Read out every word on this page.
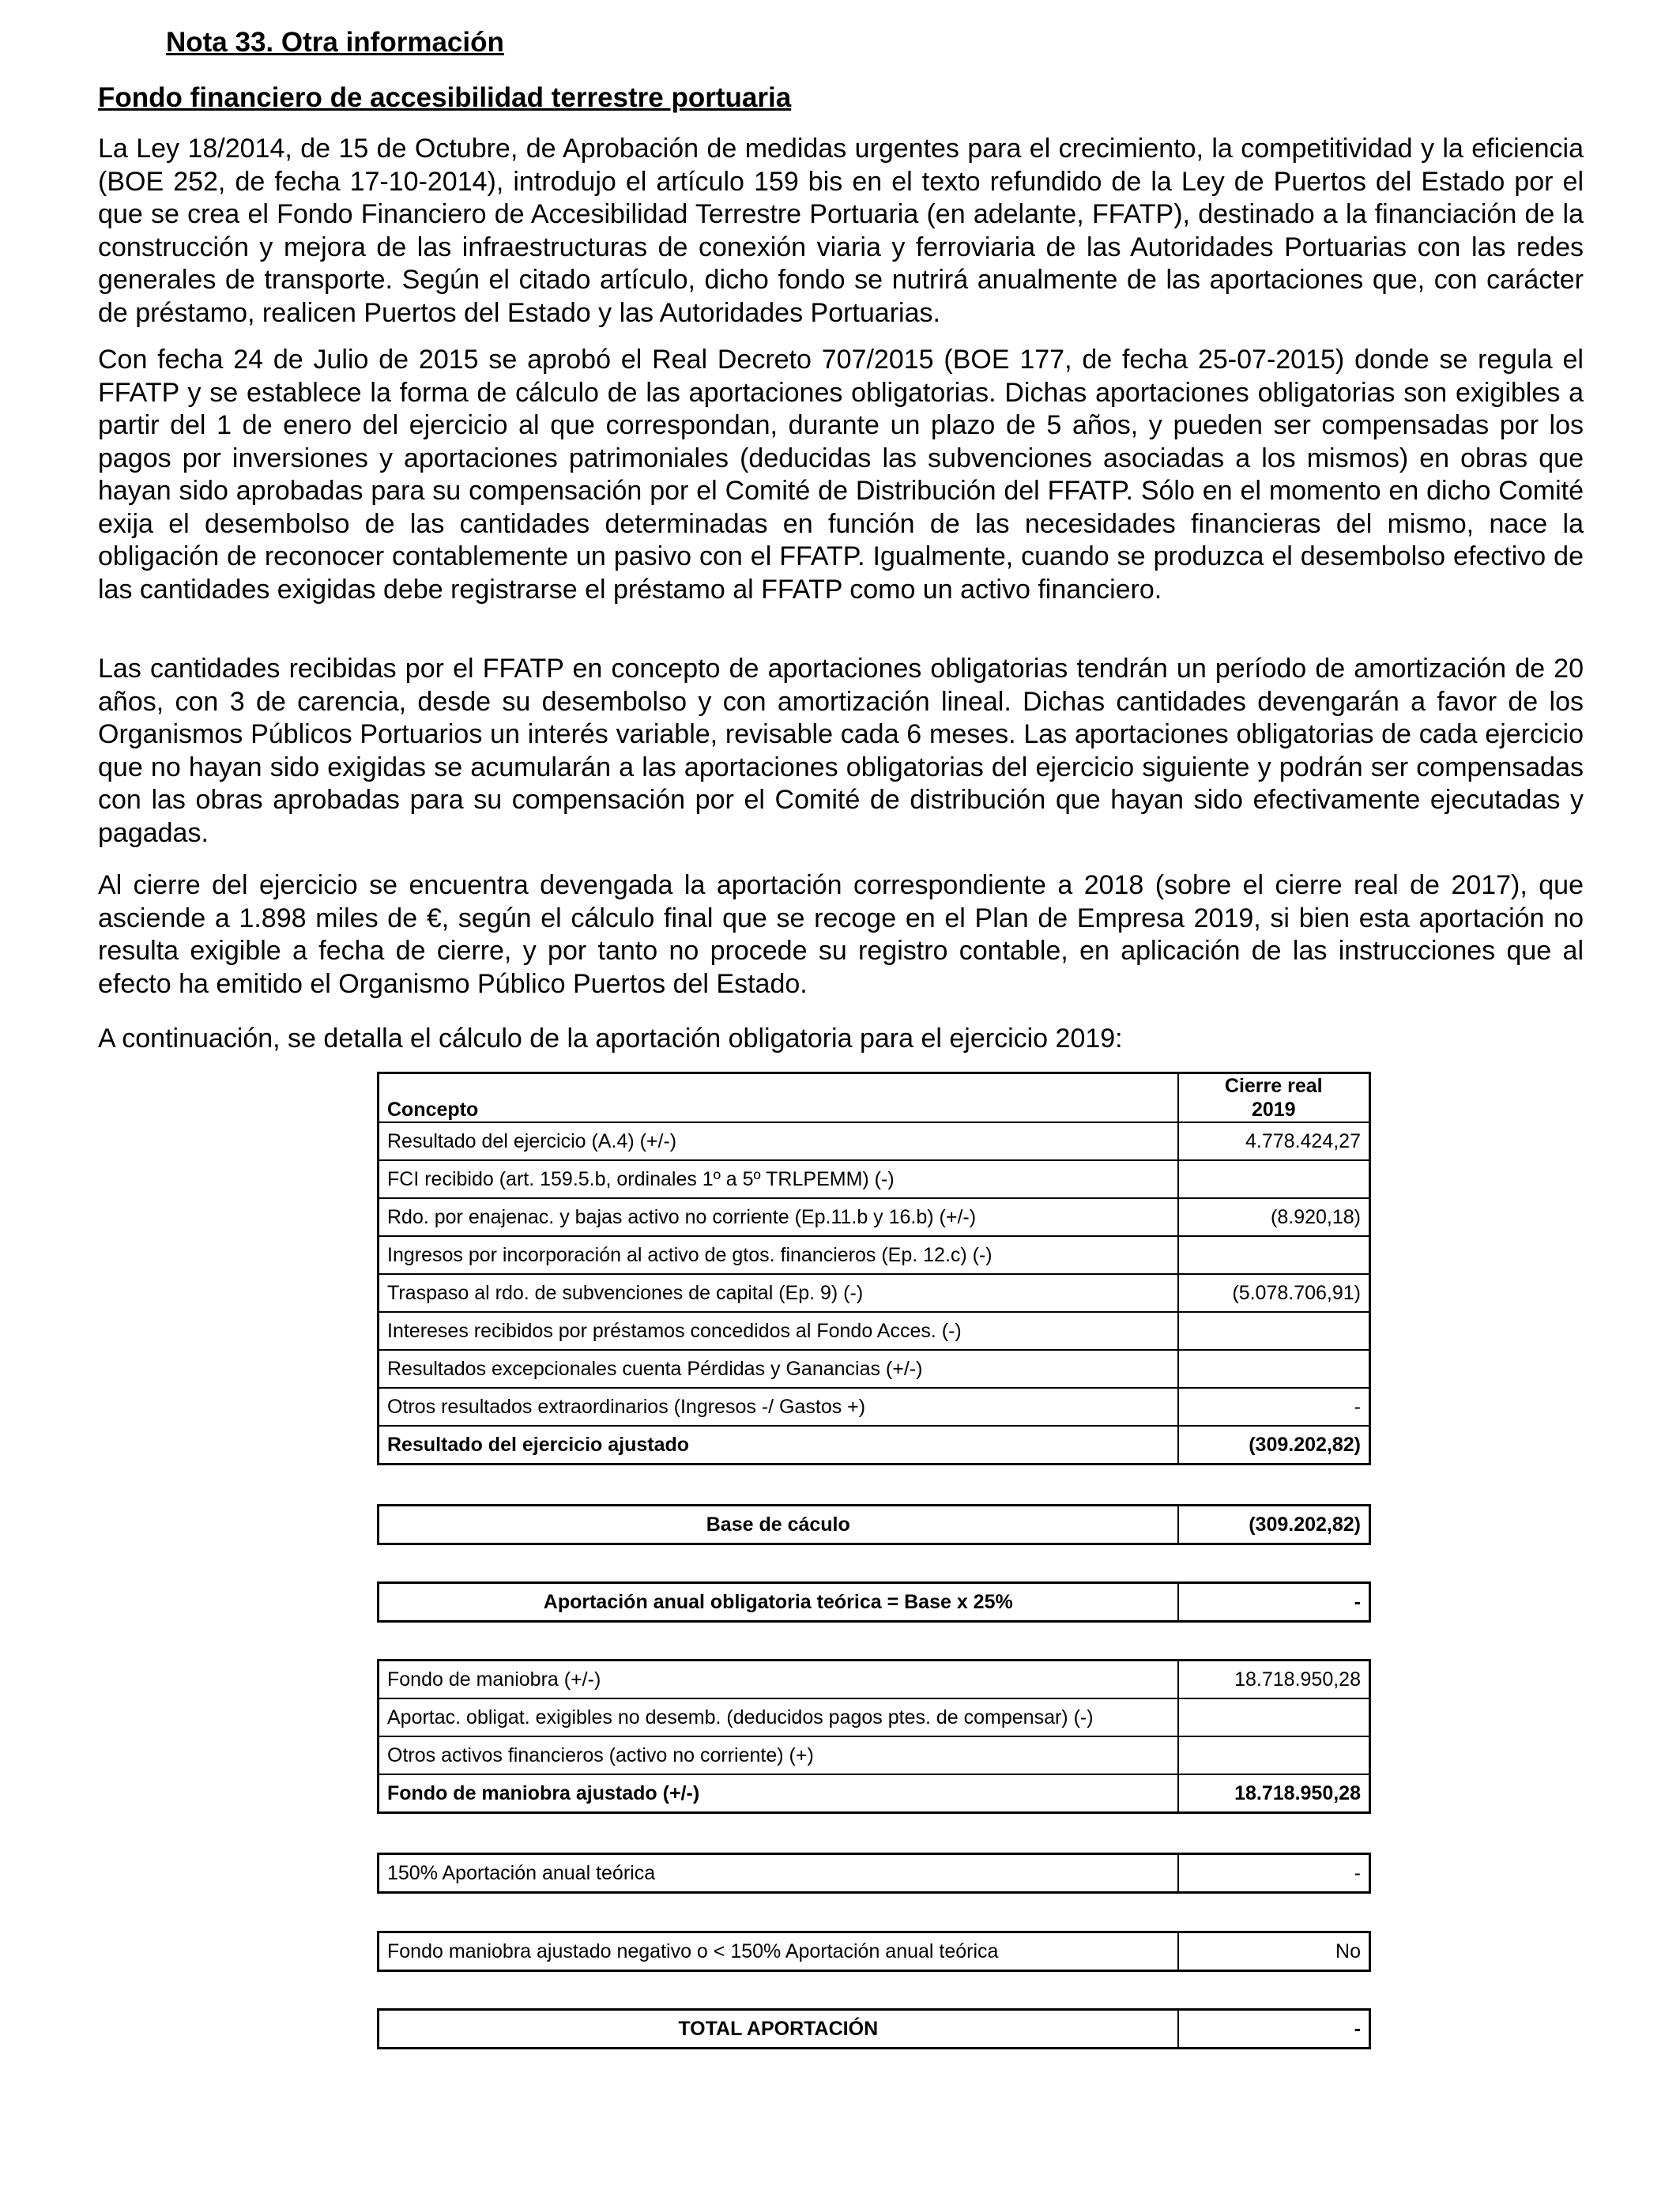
Nota 33. Otra información
Fondo financiero de accesibilidad terrestre portuaria

La Ley 18/2014, de 15 de Octubre, de Aprobación de medidas urgentes para el crecimiento, la competitividad y la eficiencia (BOE 252, de fecha 17-10-2014), introdujo el artículo 159 bis en el texto refundido de la Ley de Puertos del Estado por el que se crea el Fondo Financiero de Accesibilidad Terrestre Portuaria (en adelante, FFATP), destinado a la financiación de la construcción y mejora de las infraestructuras de conexión viaria y ferroviaria de las Autoridades Portuarias con las redes generales de transporte. Según el citado artículo, dicho fondo se nutrirá anualmente de las aportaciones que, con carácter de préstamo, realicen Puertos del Estado y las Autoridades Portuarias.

Con fecha 24 de Julio de 2015 se aprobó el Real Decreto 707/2015 (BOE 177, de fecha 25-07-2015) donde se regula el FFATP y se establece la forma de cálculo de las aportaciones obligatorias. Dichas aportaciones obligatorias son exigibles a partir del 1 de enero del ejercicio al que correspondan, durante un plazo de 5 años, y pueden ser compensadas por los pagos por inversiones y aportaciones patrimoniales (deducidas las subvenciones asociadas a los mismos) en obras que hayan sido aprobadas para su compensación por el Comité de Distribución del FFATP. Sólo en el momento en dicho Comité exija el desembolso de las cantidades determinadas en función de las necesidades financieras del mismo, nace la obligación de reconocer contablemente un pasivo con el FFATP. Igualmente, cuando se produzca el desembolso efectivo de las cantidades exigidas debe registrarse el préstamo al FFATP como un activo financiero.

Las cantidades recibidas por el FFATP en concepto de aportaciones obligatorias tendrán un período de amortización de 20 años, con 3 de carencia, desde su desembolso y con amortización lineal. Dichas cantidades devengarán a favor de los Organismos Públicos Portuarios un interés variable, revisable cada 6 meses. Las aportaciones obligatorias de cada ejercicio que no hayan sido exigidas se acumularán a las aportaciones obligatorias del ejercicio siguiente y podrán ser compensadas con las obras aprobadas para su compensación por el Comité de distribución que hayan sido efectivamente ejecutadas y pagadas.

Al cierre del ejercicio se encuentra devengada la aportación correspondiente a 2018 (sobre el cierre real de 2017), que asciende a 1.898 miles de €, según el cálculo final que se recoge en el Plan de Empresa 2019, si bien esta aportación no resulta exigible a fecha de cierre, y por tanto no procede su registro contable, en aplicación de las instrucciones que al efecto ha emitido el Organismo Público Puertos del Estado.

A continuación, se detalla el cálculo de la aportación obligatoria para el ejercicio 2019:

Concepto	Cierre real
2019
Resultado del ejercicio (A.4) (+/-)	4.778.424,27
FCI recibido (art. 159.5.b, ordinales 1º a 5º TRLPEMM) (-)	
Rdo. por enajenac. y bajas activo no corriente (Ep.11.b y 16.b) (+/-)	(8.920,18)
Ingresos por incorporación al activo de gtos. financieros (Ep. 12.c) (-)	
Traspaso al rdo. de subvenciones de capital (Ep. 9) (-)	(5.078.706,91)
Intereses recibidos por préstamos concedidos al Fondo Acces. (-)	
Resultados excepcionales cuenta Pérdidas y Ganancias (+/-)	
Otros resultados extraordinarios (Ingresos -/ Gastos +)	-
Resultado del ejercicio ajustado	(309.202,82)
Base de cáculo	(309.202,82)
Aportación anual obligatoria teórica = Base x 25%	-
Fondo de maniobra (+/-)	18.718.950,28
Aportac. obligat. exigibles no desemb. (deducidos pagos ptes. de compensar) (-)	
Otros activos financieros (activo no corriente) (+)	
Fondo de maniobra ajustado (+/-)	18.718.950,28
150% Aportación anual teórica	-
Fondo maniobra ajustado negativo o < 150% Aportación anual teórica	No
TOTAL APORTACIÓN	-
